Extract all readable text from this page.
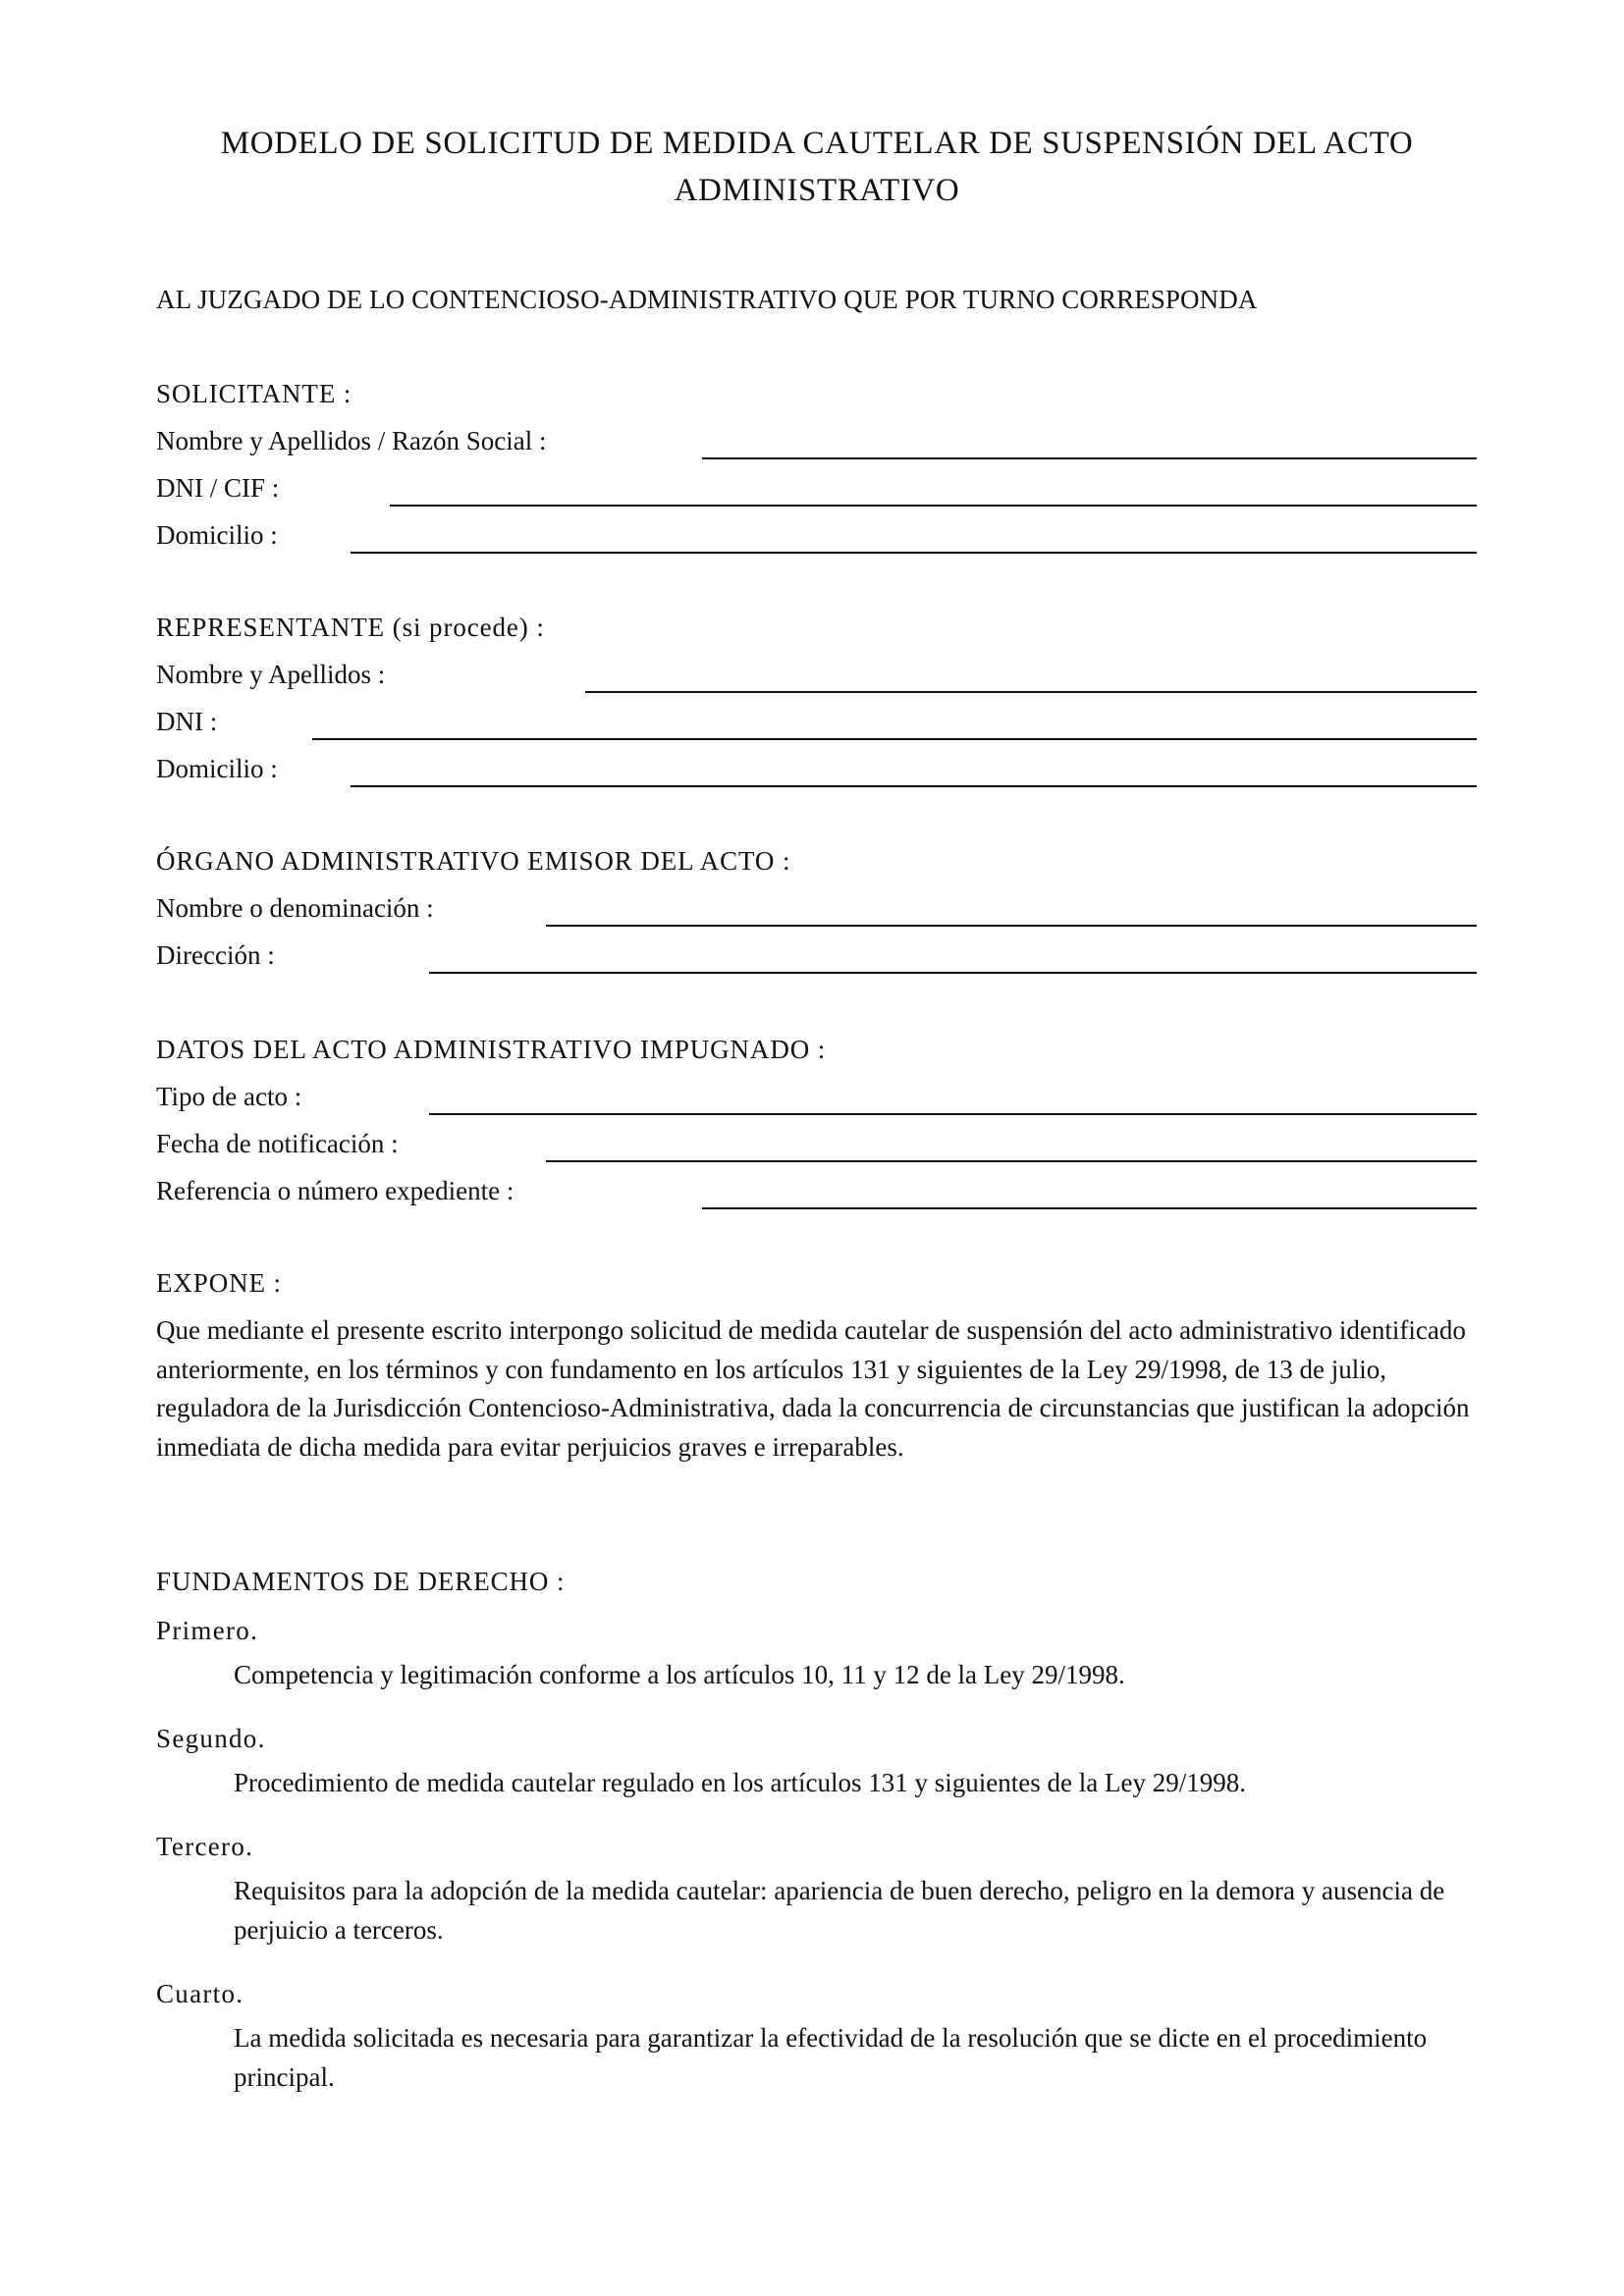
MODELO DE SOLICITUD DE MEDIDA CAUTELAR DE SUSPENSIÓN DEL ACTO ADMINISTRATIVO
AL JUZGADO DE LO CONTENCIOSO-ADMINISTRATIVO QUE POR TURNO CORRESPONDA
SOLICITANTE :
Nombre y Apellidos / Razón Social :
DNI / CIF :
Domicilio :
REPRESENTANTE (si procede) :
Nombre y Apellidos :
DNI :
Domicilio :
ÓRGANO ADMINISTRATIVO EMISOR DEL ACTO :
Nombre o denominación :
Dirección :
DATOS DEL ACTO ADMINISTRATIVO IMPUGNADO :
Tipo de acto :
Fecha de notificación :
Referencia o número expediente :
EXPONE :
Que mediante el presente escrito interpongo solicitud de medida cautelar de suspensión del acto administrativo identificado anteriormente, en los términos y con fundamento en los artículos 131 y siguientes de la Ley 29/1998, de 13 de julio, reguladora de la Jurisdicción Contencioso-Administrativa, dada la concurrencia de circunstancias que justifican la adopción inmediata de dicha medida para evitar perjuicios graves e irreparables.
FUNDAMENTOS DE DERECHO :
Primero.
Competencia y legitimación conforme a los artículos 10, 11 y 12 de la Ley 29/1998.
Segundo.
Procedimiento de medida cautelar regulado en los artículos 131 y siguientes de la Ley 29/1998.
Tercero.
Requisitos para la adopción de la medida cautelar: apariencia de buen derecho, peligro en la demora y ausencia de perjuicio a terceros.
Cuarto.
La medida solicitada es necesaria para garantizar la efectividad de la resolución que se dicte en el procedimiento principal.
